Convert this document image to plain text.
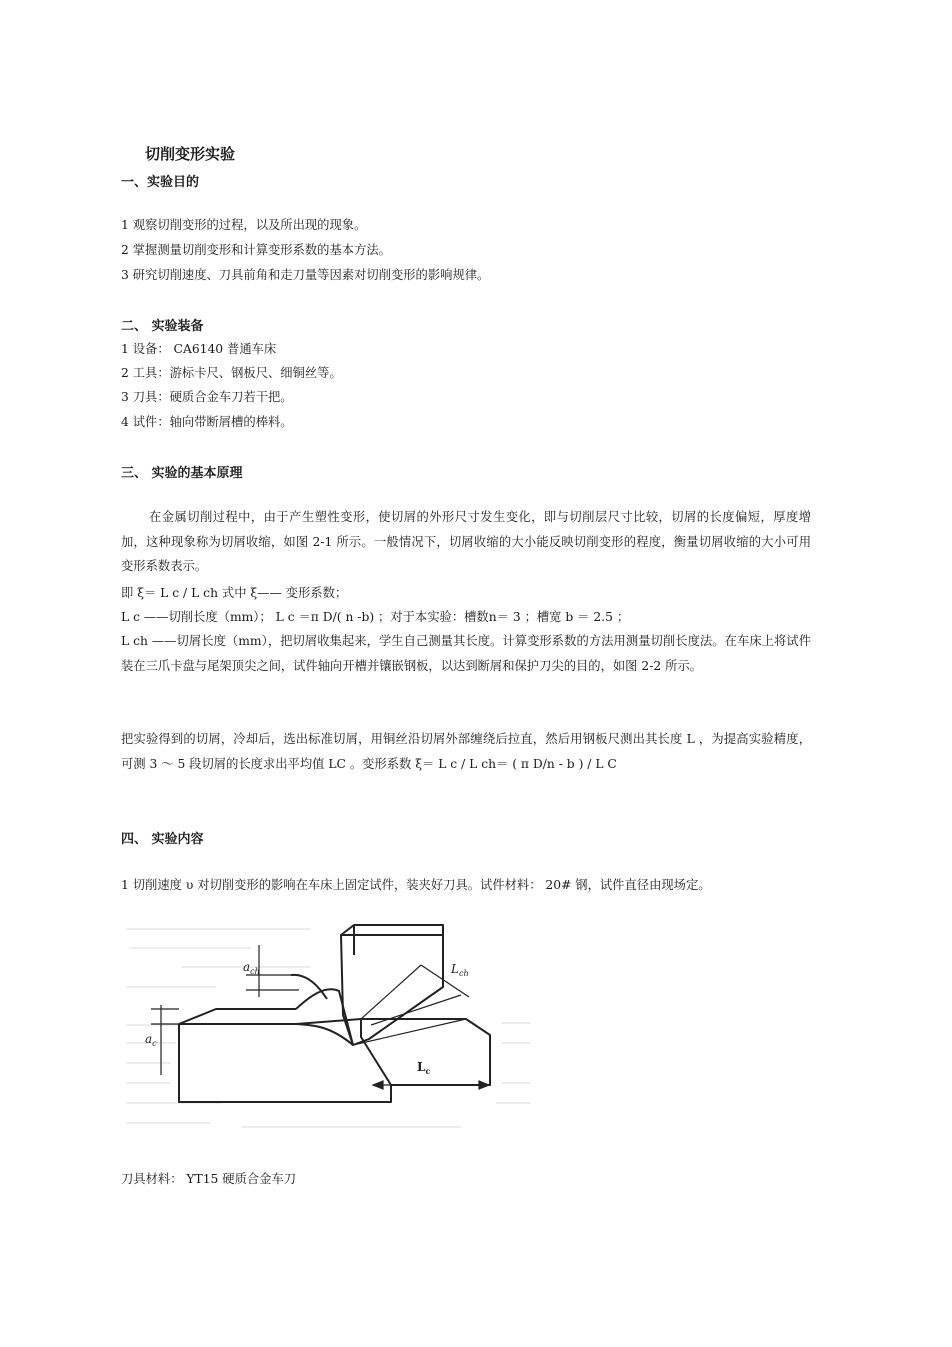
切削变形实验
一、实验目的
1 观察切削变形的过程，以及所出现的现象。
2 掌握测量切削变形和计算变形系数的基本方法。
3 研究切削速度、刀具前角和走刀量等因素对切削变形的影响规律。
二、 实验装备
1 设备： CA6140 普通车床
2 工具：游标卡尺、钢板尺、细铜丝等。
3 刀具：硬质合金车刀若干把。
4 试件：轴向带断屑槽的棒料。
三、 实验的基本原理
在金属切削过程中，由于产生塑性变形，使切屑的外形尺寸发生变化，即与切削层尺寸比较，切屑的长度偏短，厚度增加，这种现象称为切屑收缩，如图 2-1 所示。一般情况下，切屑收缩的大小能反映切削变形的程度，衡量切屑收缩的大小可用变形系数表示。
即 ξ＝ L c / L ch 式中 ξ—— 变形系数；
L c ——切削长度（mm）； L c ＝π D/( n -b) ；对于本实验：槽数n＝ 3 ；槽宽 b ＝ 2.5 ；
L ch ——切屑长度（mm），把切屑收集起来，学生自己测量其长度。计算变形系数的方法用测量切削长度法。在车床上将试件装在三爪卡盘与尾架顶尖之间，试件轴向开槽并镶嵌钢板，以达到断屑和保护刀尖的目的，如图 2-2 所示。
把实验得到的切屑，冷却后，选出标准切屑，用铜丝沿切屑外部缠绕后拉直，然后用钢板尺测出其长度 L ，为提高实验精度，可测 3 ～ 5 段切屑的长度求出平均值 LC 。变形系数 ξ＝ L c / L ch＝ ( π D/n - b ) / L C
四、 实验内容
1 切削速度 υ 对切削变形的影响在车床上固定试件，装夹好刀具。试件材料： 20# 钢，试件直径由现场定。
$a_{ch}$
$a_c$
$L_{ch}$
$L_c$
刀具材料： YT15 硬质合金车刀
